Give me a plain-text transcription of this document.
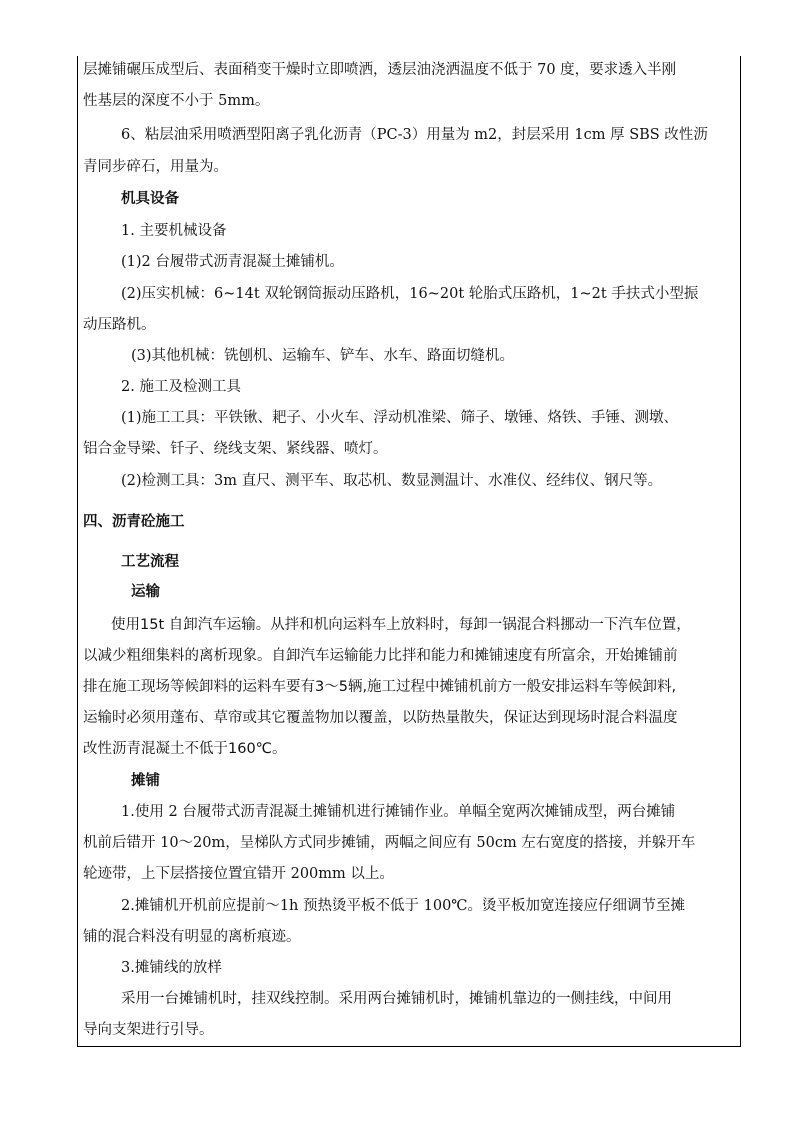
层摊铺碾压成型后、表面稍变干燥时立即喷洒，透层油浇洒温度不低于 70 度，要求透入半刚
性基层的深度不小于 5mm。
6、粘层油采用喷洒型阳离子乳化沥青（PC-3）用量为 m2，封层采用 1cm 厚 SBS 改性沥
青同步碎石，用量为。
机具设备
1. 主要机械设备
(1)2 台履带式沥青混凝土摊铺机。
(2)压实机械：6~14t 双轮钢筒振动压路机，16~20t 轮胎式压路机，1~2t 手扶式小型振
动压路机。
(3)其他机械：铣刨机、运输车、铲车、水车、路面切缝机。
2. 施工及检测工具
(1)施工工具：平铁锹、耙子、小火车、浮动机准梁、筛子、墩锤、烙铁、手锤、测墩、
铝合金导梁、钎子、绕线支架、紧线器、喷灯。
(2)检测工具：3m 直尺、测平车、取芯机、数显测温计、水准仪、经纬仪、钢尺等。
四、沥青砼施工
工艺流程
运输
使用15t 自卸汽车运输。从拌和机向运料车上放料时，每卸一锅混合料挪动一下汽车位置，
以减少粗细集料的离析现象。自卸汽车运输能力比拌和能力和摊铺速度有所富余，开始摊铺前
排在施工现场等候卸料的运料车要有3～5辆,施工过程中摊铺机前方一般安排运料车等候卸料,
运输时必须用蓬布、草帘或其它覆盖物加以覆盖，以防热量散失，保证达到现场时混合料温度
改性沥青混凝土不低于160℃。
摊铺
1.使用 2 台履带式沥青混凝土摊铺机进行摊铺作业。单幅全宽两次摊铺成型，两台摊铺
机前后错开 10～20m，呈梯队方式同步摊铺，两幅之间应有 50cm 左右宽度的搭接，并躲开车
轮迹带，上下层搭接位置宜错开 200mm 以上。
2.摊铺机开机前应提前～1h 预热烫平板不低于 100℃。烫平板加宽连接应仔细调节至摊
铺的混合料没有明显的离析痕迹。
3.摊铺线的放样
采用一台摊铺机时，挂双线控制。采用两台摊铺机时，摊铺机靠边的一侧挂线，中间用
导向支架进行引导。
